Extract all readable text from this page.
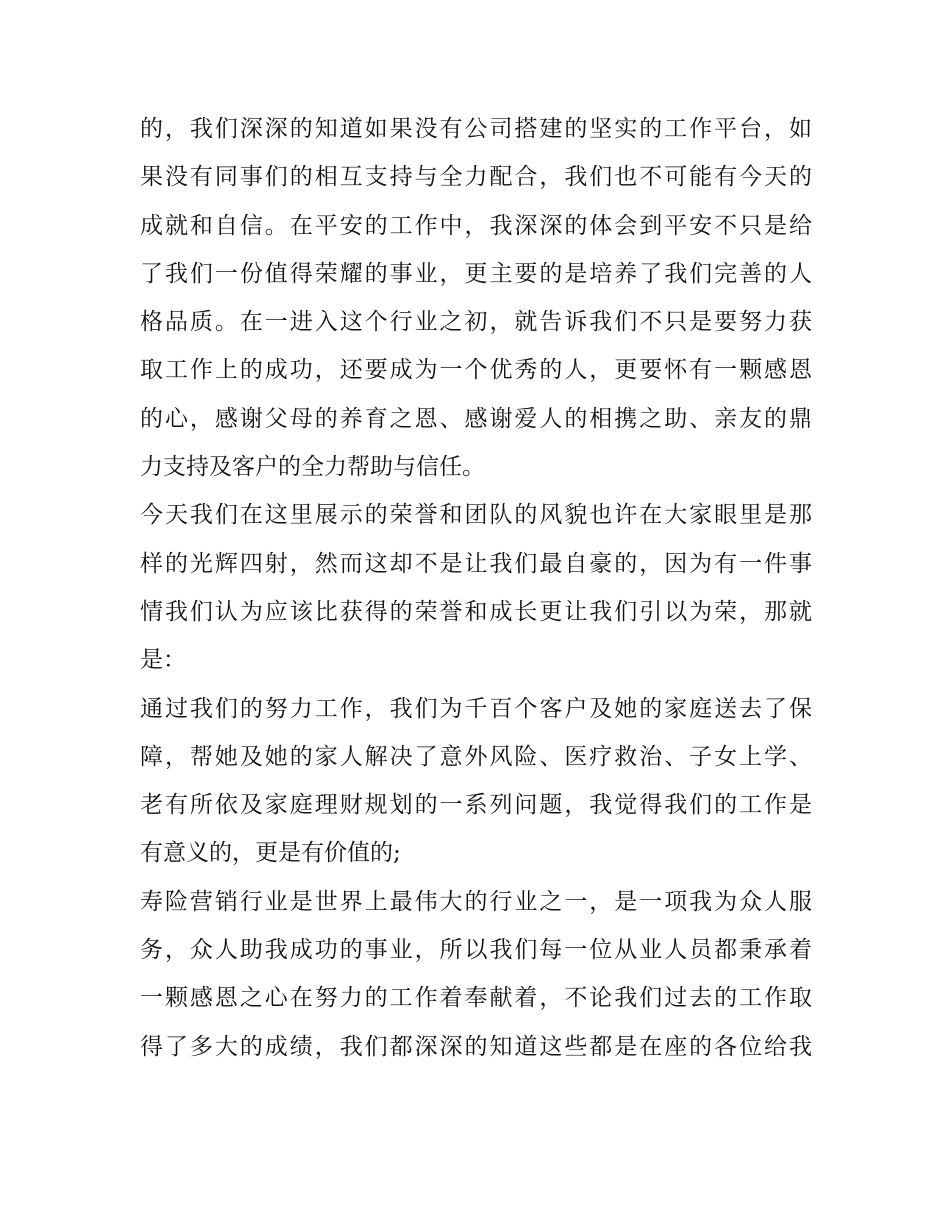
的，我们深深的知道如果没有公司搭建的坚实的工作平台，如
果没有同事们的相互支持与全力配合，我们也不可能有今天的
成就和自信。在平安的工作中，我深深的体会到平安不只是给
了我们一份值得荣耀的事业，更主要的是培养了我们完善的人
格品质。在一进入这个行业之初，就告诉我们不只是要努力获
取工作上的成功，还要成为一个优秀的人，更要怀有一颗感恩
的心，感谢父母的养育之恩、感谢爱人的相携之助、亲友的鼎
力支持及客户的全力帮助与信任。
今天我们在这里展示的荣誉和团队的风貌也许在大家眼里是那
样的光辉四射，然而这却不是让我们最自豪的，因为有一件事
情我们认为应该比获得的荣誉和成长更让我们引以为荣，那就
是：
通过我们的努力工作，我们为千百个客户及她的家庭送去了保
障，帮她及她的家人解决了意外风险、医疗救治、子女上学、
老有所依及家庭理财规划的一系列问题，我觉得我们的工作是
有意义的，更是有价值的;
寿险营销行业是世界上最伟大的行业之一，是一项我为众人服
务，众人助我成功的事业，所以我们每一位从业人员都秉承着
一颗感恩之心在努力的工作着奉献着，不论我们过去的工作取
得了多大的成绩，我们都深深的知道这些都是在座的各位给我
